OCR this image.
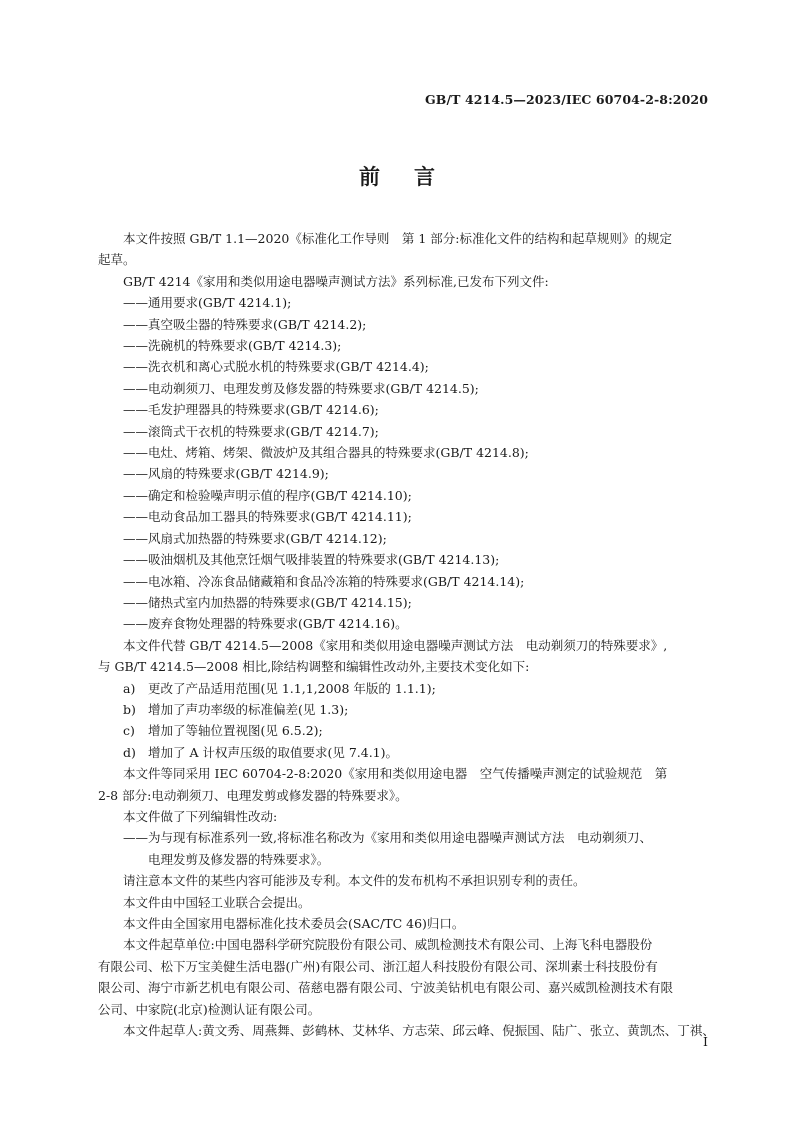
GB/T 4214.5—2023/IEC 60704-2-8:2020
前言

本文件按照 GB/T 1.1—2020《标准化工作导则　第 1 部分:标准化文件的结构和起草规则》的规定

起草。

GB/T 4214《家用和类似用途电器噪声测试方法》系列标准,已发布下列文件:

——通用要求(GB/T 4214.1);

——真空吸尘器的特殊要求(GB/T 4214.2);

——洗碗机的特殊要求(GB/T 4214.3);

——洗衣机和离心式脱水机的特殊要求(GB/T 4214.4);

——电动剃须刀、电理发剪及修发器的特殊要求(GB/T 4214.5);

——毛发护理器具的特殊要求(GB/T 4214.6);

——滚筒式干衣机的特殊要求(GB/T 4214.7);

——电灶、烤箱、烤架、微波炉及其组合器具的特殊要求(GB/T 4214.8);

——风扇的特殊要求(GB/T 4214.9);

——确定和检验噪声明示值的程序(GB/T 4214.10);

——电动食品加工器具的特殊要求(GB/T 4214.11);

——风扇式加热器的特殊要求(GB/T 4214.12);

——吸油烟机及其他烹饪烟气吸排装置的特殊要求(GB/T 4214.13);

——电冰箱、冷冻食品储藏箱和食品冷冻箱的特殊要求(GB/T 4214.14);

——储热式室内加热器的特殊要求(GB/T 4214.15);

——废弃食物处理器的特殊要求(GB/T 4214.16)。

本文件代替 GB/T 4214.5—2008《家用和类似用途电器噪声测试方法　电动剃须刀的特殊要求》,

与 GB/T 4214.5—2008 相比,除结构调整和编辑性改动外,主要技术变化如下:

a) 更改了产品适用范围(见 1.1,1,2008 年版的 1.1.1);

b) 增加了声功率级的标准偏差(见 1.3);

c) 增加了等轴位置视图(见 6.5.2);

d) 增加了 A 计权声压级的取值要求(见 7.4.1)。

本文件等同采用 IEC 60704-2-8:2020《家用和类似用途电器　空气传播噪声测定的试验规范　第

2-8 部分:电动剃须刀、电理发剪或修发器的特殊要求》。

本文件做了下列编辑性改动:

——为与现有标准系列一致,将标准名称改为《家用和类似用途电器噪声测试方法　电动剃须刀、

电理发剪及修发器的特殊要求》。

请注意本文件的某些内容可能涉及专利。本文件的发布机构不承担识别专利的责任。

本文件由中国轻工业联合会提出。

本文件由全国家用电器标准化技术委员会(SAC/TC 46)归口。

本文件起草单位:中国电器科学研究院股份有限公司、威凯检测技术有限公司、上海飞科电器股份

有限公司、松下万宝美健生活电器(广州)有限公司、浙江超人科技股份有限公司、深圳素士科技股份有

限公司、海宁市新艺机电有限公司、蓓慈电器有限公司、宁波美钻机电有限公司、嘉兴威凯检测技术有限

公司、中家院(北京)检测认证有限公司。

本文件起草人:黄文秀、周燕舞、彭鹤林、艾林华、方志荣、邱云峰、倪振国、陆广、张立、黄凯杰、丁祺、

I
